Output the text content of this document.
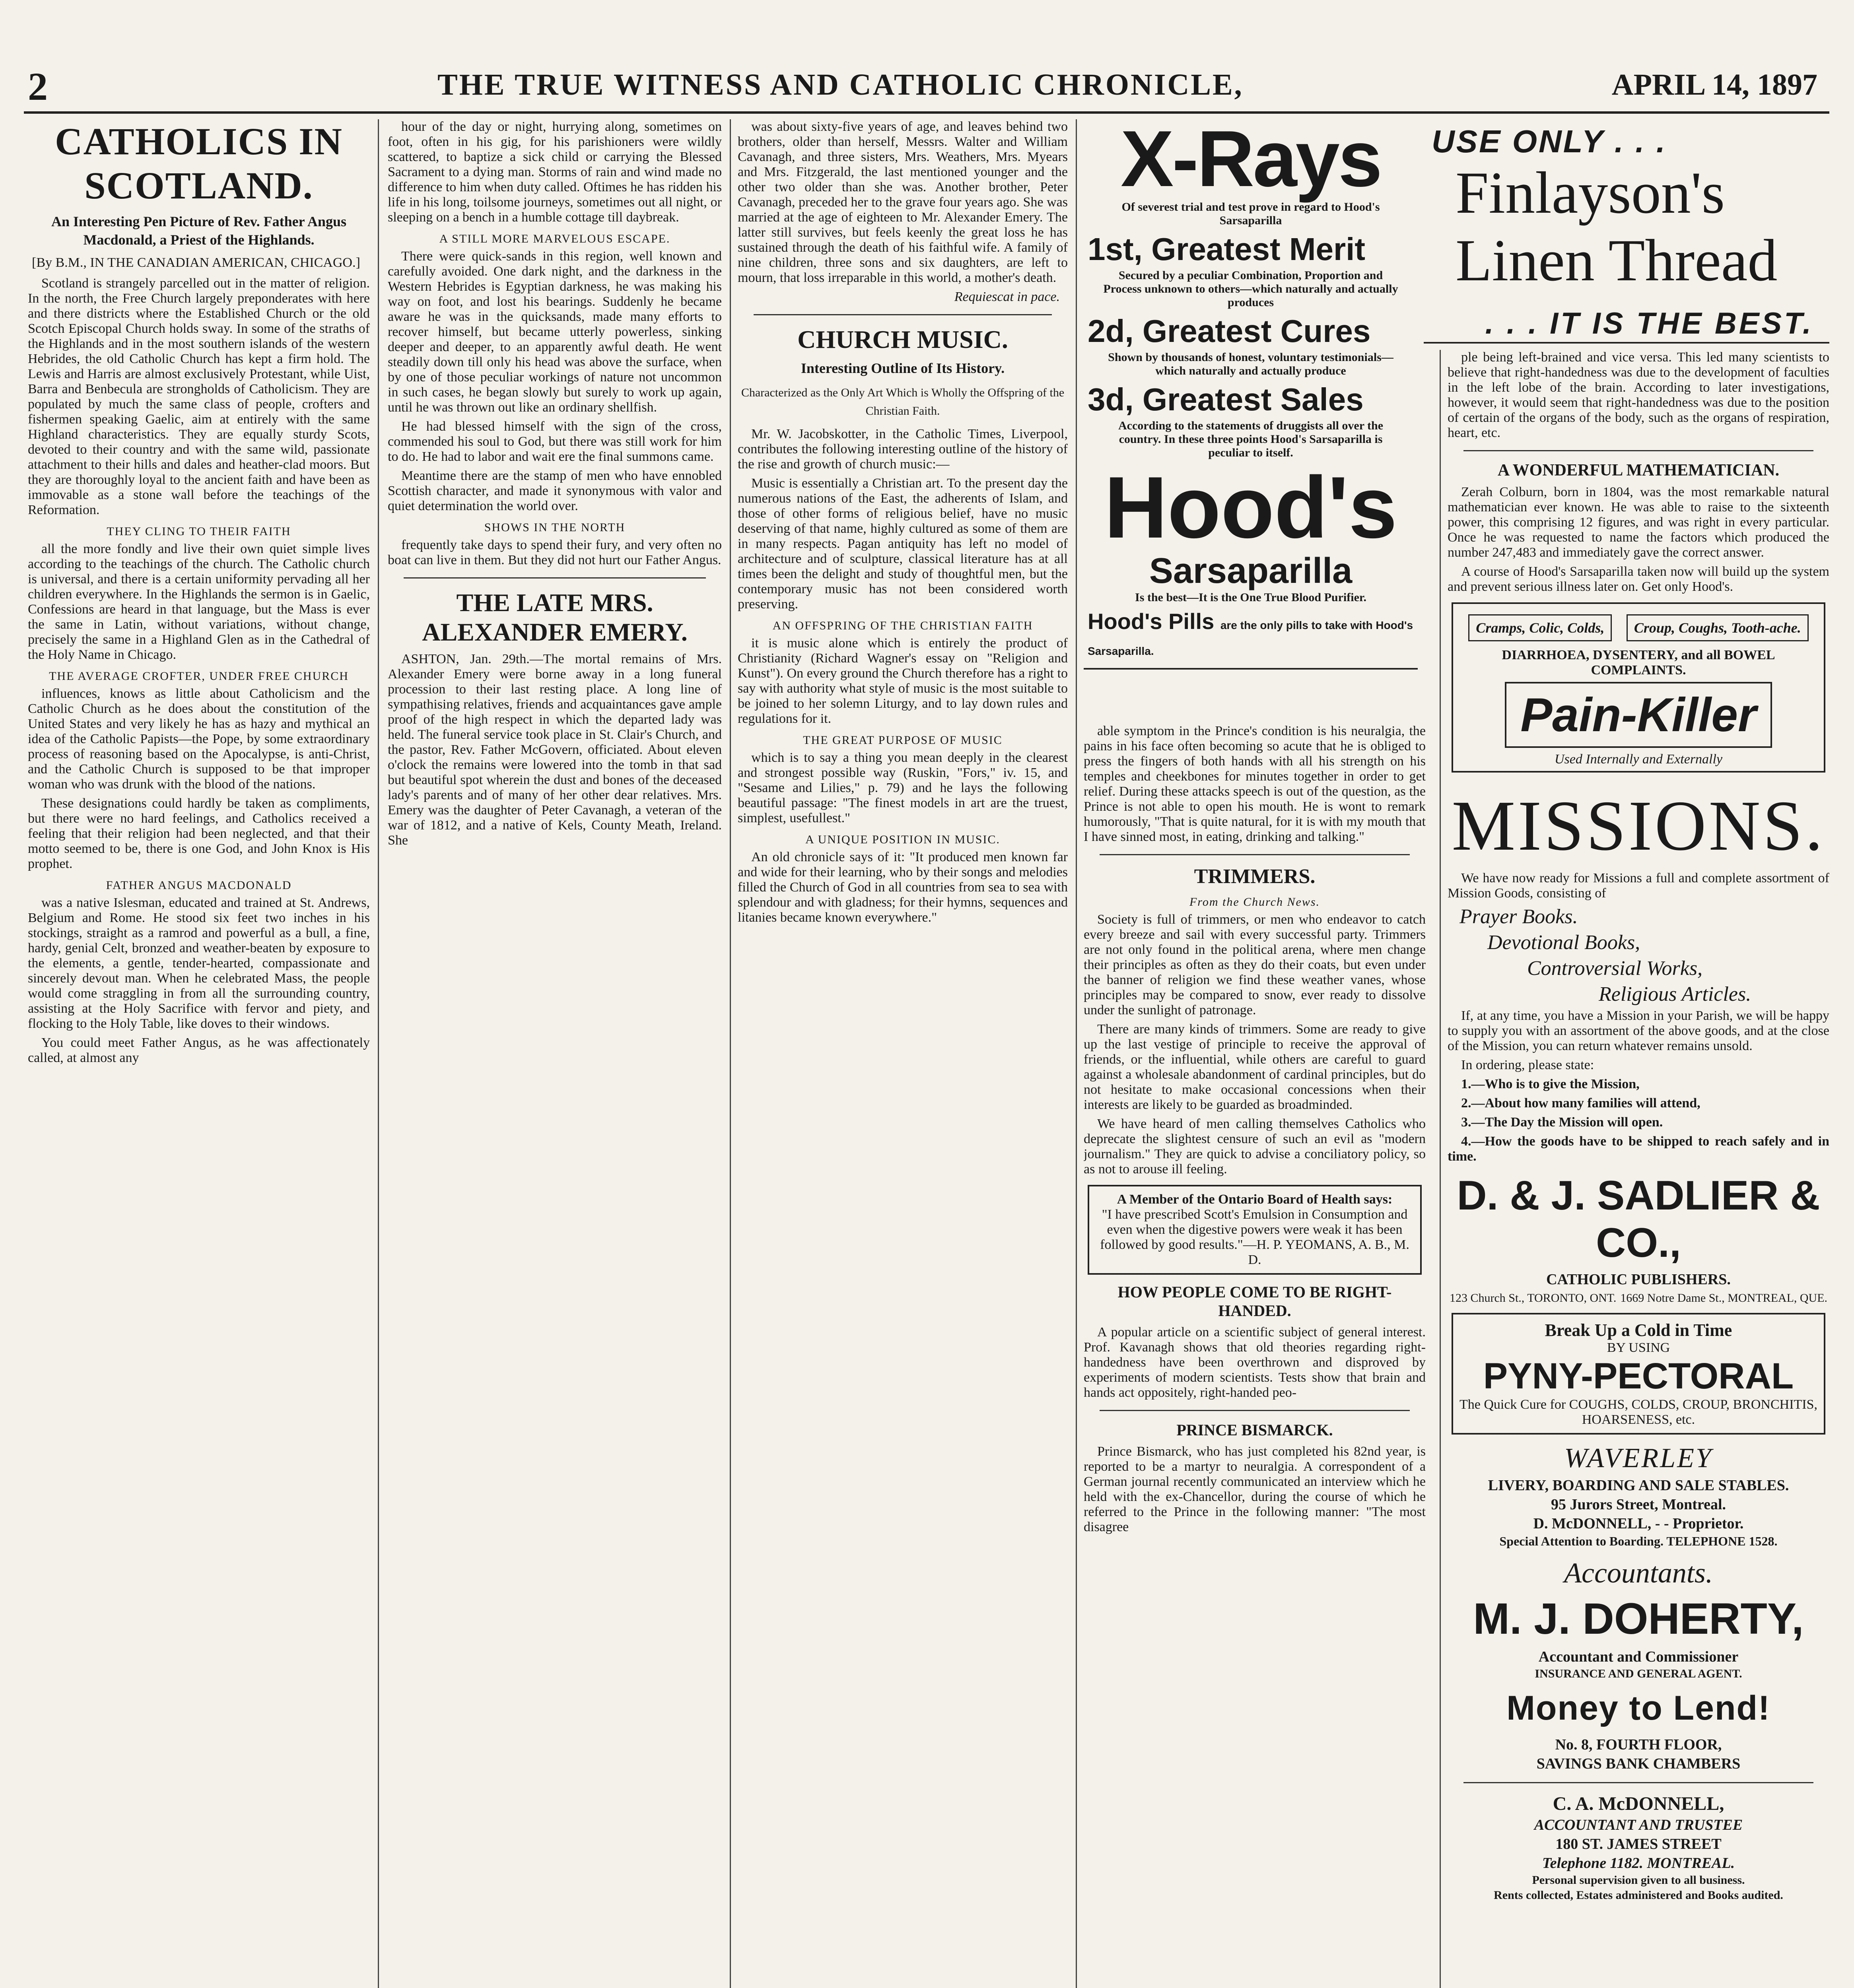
2	THE TRUE WITNESS AND CATHOLIC CHRONICLE,	APRIL 14, 1897
CATHOLICS IN SCOTLAND.
An Interesting Pen Picture of Rev. Father Angus Macdonald, a Priest of the Highlands.
[By B.M., IN THE CANADIAN AMERICAN, CHICAGO.]

Scotland is strangely parcelled out in the matter of religion. In the north, the Free Church largely preponderates with here and there districts where the Established Church or the old Scotch Episcopal Church holds sway. In some of the straths of the Highlands and in the most southern islands of the western Hebrides, the old Catholic Church has kept a firm hold. The Lewis and Harris are almost exclusively Protestant, while Uist, Barra and Benbecula are strongholds of Catholicism. They are populated by much the same class of people, crofters and fishermen speaking Gaelic, aim at entirely with the same Highland characteristics. They are equally sturdy Scots, devoted to their country and with the same wild, passionate attachment to their hills and dales and heather-clad moors. But they are thoroughly loyal to the ancient faith and have been as immovable as a stone wall before the teachings of the Reformation.

THEY CLING TO THEIR FAITH

all the more fondly and live their own quiet simple lives according to the teachings of the church. The Catholic church is universal, and there is a certain uniformity pervading all her children everywhere. In the Highlands the sermon is in Gaelic, Confessions are heard in that language, but the Mass is ever the same in Latin, without variations, without change, precisely the same in a Highland Glen as in the Cathedral of the Holy Name in Chicago.

THE AVERAGE CROFTER, UNDER FREE CHURCH

influences, knows as little about Catholicism and the Catholic Church as he does about the constitution of the United States and very likely he has as hazy and mythical an idea of the Catholic Papists—the Pope, by some extraordinary process of reasoning based on the Apocalypse, is anti-Christ, and the Catholic Church is supposed to be that improper woman who was drunk with the blood of the nations.

These designations could hardly be taken as compliments, but there were no hard feelings, and Catholics received a feeling that their religion had been neglected, and that their motto seemed to be, there is one God, and John Knox is His prophet.

FATHER ANGUS MACDONALD

was a native Islesman, educated and trained at St. Andrews, Belgium and Rome. He stood six feet two inches in his stockings, straight as a ramrod and powerful as a bull, a fine, hardy, genial Celt, bronzed and weather-beaten by exposure to the elements, a gentle, tender-hearted, compassionate and sincerely devout man. When he celebrated Mass, the people would come straggling in from all the surrounding country, assisting at the Holy Sacrifice with fervor and piety, and flocking to the Holy Table, like doves to their windows.

You could meet Father Angus, as he was affectionately called, at almost any

hour of the day or night, hurrying along, sometimes on foot, often in his gig, for his parishioners were wildly scattered, to baptize a sick child or carrying the Blessed Sacrament to a dying man. Storms of rain and wind made no difference to him when duty called. Oftimes he has ridden his life in his long, toilsome journeys, sometimes out all night, or sleeping on a bench in a humble cottage till daybreak.

A STILL MORE MARVELOUS ESCAPE.

There were quick-sands in this region, well known and carefully avoided. One dark night, and the darkness in the Western Hebrides is Egyptian darkness, he was making his way on foot, and lost his bearings. Suddenly he became aware he was in the quicksands, made many efforts to recover himself, but became utterly powerless, sinking deeper and deeper, to an apparently awful death. He went steadily down till only his head was above the surface, when by one of those peculiar workings of nature not uncommon in such cases, he began slowly but surely to work up again, until he was thrown out like an ordinary shellfish.

He had blessed himself with the sign of the cross, commended his soul to God, but there was still work for him to do. He had to labor and wait ere the final summons came.

Meantime there are the stamp of men who have ennobled Scottish character, and made it synonymous with valor and quiet determination the world over.

SHOWS IN THE NORTH

frequently take days to spend their fury, and very often no boat can live in them. But they did not hurt our Father Angus.

THE LATE MRS. ALEXANDER EMERY.

ASHTON, Jan. 29th.—The mortal remains of Mrs. Alexander Emery were borne away in a long funeral procession to their last resting place. A long line of sympathising relatives, friends and acquaintances gave ample proof of the high respect in which the departed lady was held. The funeral service took place in St. Clair's Church, and the pastor, Rev. Father McGovern, officiated. About eleven o'clock the remains were lowered into the tomb in that sad but beautiful spot wherein the dust and bones of the deceased lady's parents and of many of her other dear relatives. Mrs. Emery was the daughter of Peter Cavanagh, a veteran of the war of 1812, and a native of Kels, County Meath, Ireland. She

was about sixty-five years of age, and leaves behind two brothers, older than herself, Messrs. Walter and William Cavanagh, and three sisters, Mrs. Weathers, Mrs. Myears and Mrs. Fitzgerald, the last mentioned younger and the other two older than she was. Another brother, Peter Cavanagh, preceded her to the grave four years ago. She was married at the age of eighteen to Mr. Alexander Emery. The latter still survives, but feels keenly the great loss he has sustained through the death of his faithful wife. A family of nine children, three sons and six daughters, are left to mourn, that loss irreparable in this world, a mother's death.

Requiescat in pace.
CHURCH MUSIC.
Interesting Outline of Its History.
Characterized as the Only Art Which is Wholly the Offspring of the Christian Faith.

Mr. W. Jacobskotter, in the Catholic Times, Liverpool, contributes the following interesting outline of the history of the rise and growth of church music:—

Music is essentially a Christian art. To the present day the numerous nations of the East, the adherents of Islam, and those of other forms of religious belief, have no music deserving of that name, highly cultured as some of them are in many respects. Pagan antiquity has left no model of architecture and of sculpture, classical literature has at all times been the delight and study of thoughtful men, but the contemporary music has not been considered worth preserving.

AN OFFSPRING OF THE CHRISTIAN FAITH

it is music alone which is entirely the product of Christianity (Richard Wagner's essay on "Religion and Kunst"). On every ground the Church therefore has a right to say with authority what style of music is the most suitable to be joined to her solemn Liturgy, and to lay down rules and regulations for it.

THE GREAT PURPOSE OF MUSIC

which is to say a thing you mean deeply in the clearest and strongest possible way (Ruskin, "Fors," iv. 15, and "Sesame and Lilies," p. 79) and he lays the following beautiful passage: "The finest models in art are the truest, simplest, usefullest."

A UNIQUE POSITION IN MUSIC.

An old chronicle says of it: "It produced men known far and wide for their learning, who by their songs and melodies filled the Church of God in all countries from sea to sea with splendour and with gladness; for their hymns, sequences and litanies became known everywhere."

X-Rays
Of severest trial and test prove in regard to Hood's Sarsaparilla
1st, Greatest Merit
Secured by a peculiar Combination, Proportion and Process unknown to others—which naturally and actually produces
2d, Greatest Cures
Shown by thousands of honest, voluntary testimonials—which naturally and actually produce
3d, Greatest Sales
According to the statements of druggists all over the country. In these three points Hood's Sarsaparilla is peculiar to itself.
Hood's
Sarsaparilla
Is the best—It is the One True Blood Purifier.
Hood's Pills are the only pills to take with Hood's Sarsaparilla.
USE ONLY . . .
Finlayson's
Linen Thread
. . . IT IS THE BEST.

able symptom in the Prince's condition is his neuralgia, the pains in his face often becoming so acute that he is obliged to press the fingers of both hands with all his strength on his temples and cheekbones for minutes together in order to get relief. During these attacks speech is out of the question, as the Prince is not able to open his mouth. He is wont to remark humorously, "That is quite natural, for it is with my mouth that I have sinned most, in eating, drinking and talking."

TRIMMERS.
From the Church News.

Society is full of trimmers, or men who endeavor to catch every breeze and sail with every successful party. Trimmers are not only found in the political arena, where men change their principles as often as they do their coats, but even under the banner of religion we find these weather vanes, whose principles may be compared to snow, ever ready to dissolve under the sunlight of patronage.

There are many kinds of trimmers. Some are ready to give up the last vestige of principle to receive the approval of friends, or the influential, while others are careful to guard against a wholesale abandonment of cardinal principles, but do not hesitate to make occasional concessions when their interests are likely to be guarded as broadminded.

We have heard of men calling themselves Catholics who deprecate the slightest censure of such an evil as "modern journalism." They are quick to advise a conciliatory policy, so as not to arouse ill feeling.

A Member of the Ontario Board of Health says:
"I have prescribed Scott's Emulsion in Consumption and even when the digestive powers were weak it has been followed by good results."—H. P. YEOMANS, A. B., M. D.
HOW PEOPLE COME TO BE RIGHT-HANDED.

A popular article on a scientific subject of general interest. Prof. Kavanagh shows that old theories regarding right-handedness have been overthrown and disproved by experiments of modern scientists. Tests show that brain and hands act oppositely, right-handed peo-

PRINCE BISMARCK.

Prince Bismarck, who has just completed his 82nd year, is reported to be a martyr to neuralgia. A correspondent of a German journal recently communicated an interview which he held with the ex-Chancellor, during the course of which he referred to the Prince in the following manner: "The most disagree

ple being left-brained and vice versa. This led many scientists to believe that right-handedness was due to the development of faculties in the left lobe of the brain. According to later investigations, however, it would seem that right-handedness was due to the position of certain of the organs of the body, such as the organs of respiration, heart, etc.

A WONDERFUL MATHEMATICIAN.

Zerah Colburn, born in 1804, was the most remarkable natural mathematician ever known. He was able to raise to the sixteenth power, this comprising 12 figures, and was right in every particular. Once he was requested to name the factors which produced the number 247,483 and immediately gave the correct answer.

A course of Hood's Sarsaparilla taken now will build up the system and prevent serious illness later on. Get only Hood's.

Cramps, Colic, Colds,	Croup, Coughs, Tooth-ache.
DIARRHOEA, DYSENTERY, and all BOWEL COMPLAINTS.
Pain-Killer
Used Internally and Externally
MISSIONS.

We have now ready for Missions a full and complete assortment of Mission Goods, consisting of

Prayer Books.
Devotional Books,
Controversial Works,
Religious Articles.

If, at any time, you have a Mission in your Parish, we will be happy to supply you with an assortment of the above goods, and at the close of the Mission, you can return whatever remains unsold.

In ordering, please state:

1.—Who is to give the Mission,

2.—About how many families will attend,

3.—The Day the Mission will open.

4.—How the goods have to be shipped to reach safely and in time.

D. & J. SADLIER & CO.,
CATHOLIC PUBLISHERS.
123 Church St., TORONTO, ONT. 1669 Notre Dame St., MONTREAL, QUE.
Break Up a Cold in Time
BY USING
PYNY-PECTORAL
The Quick Cure for COUGHS, COLDS, CROUP, BRONCHITIS, HOARSENESS, etc.
WAVERLEY
LIVERY, BOARDING AND SALE STABLES.
95 Jurors Street, Montreal.
D. McDONNELL, - - Proprietor.
Special Attention to Boarding. TELEPHONE 1528.
Accountants.
M. J. DOHERTY,
Accountant and Commissioner
INSURANCE AND GENERAL AGENT.
Money to Lend!
No. 8, FOURTH FLOOR,
SAVINGS BANK CHAMBERS
C. A. McDONNELL,
ACCOUNTANT AND TRUSTEE
180 ST. JAMES STREET
Telephone 1182. MONTREAL.
Personal supervision given to all business.
Rents collected, Estates administered and Books audited.
